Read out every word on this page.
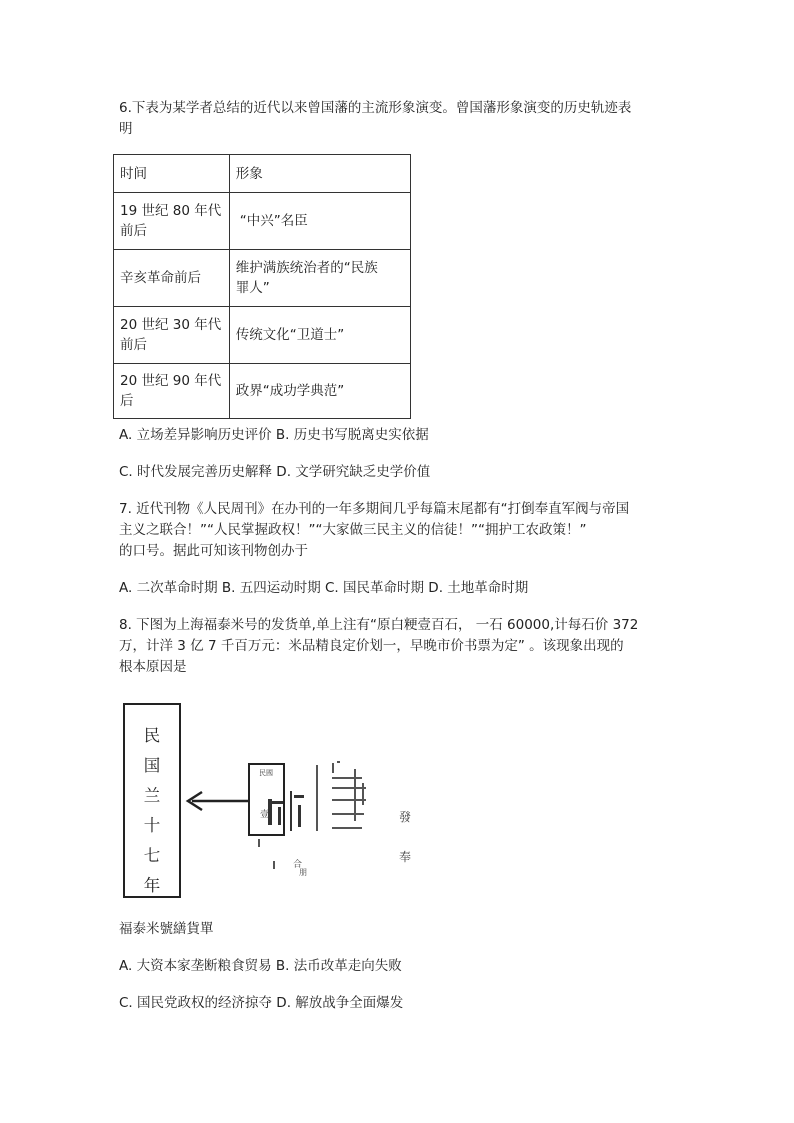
6.下表为某学者总结的近代以来曾国藩的主流形象演变。曾国藩形象演变的历史轨迹表
明
时间	形象
19 世纪 80 年代
前后	“中兴”名臣
辛亥革命前后	维护满族统治者的“民族
罪人”
20 世纪 30 年代
前后	传统文化“卫道士”
20 世纪 90 年代
后	政界“成功学典范”
A. 立场差异影响历史评价 B. 历史书写脱离史实依据
C. 时代发展完善历史解释 D. 文学研究缺乏史学价值
7. 近代刊物《人民周刊》在办刊的一年多期间几乎每篇末尾都有“打倒奉直军阀与帝国
主义之联合！”“人民掌握政权！”“大家做三民主义的信徒！”“拥护工农政策！”
的口号。据此可知该刊物创办于
A. 二次革命时期 B. 五四运动时期 C. 国民革命时期 D. 土地革命时期
8. 下图为上海福泰米号的发货单,单上注有“原白粳壹百石， 一石 60000,计每石价 372
万，计洋 3 亿 7 千百万元：米品精良定价划一，早晚市价书票为定” 。该现象出现的
根本原因是
民
国
兰
十
七
年
民國
壹	發
奉
合
朋
福泰米號繕貨單
A. 大资本家垄断粮食贸易 B. 法币改革走向失败
C. 国民党政权的经济掠夺 D. 解放战争全面爆发
